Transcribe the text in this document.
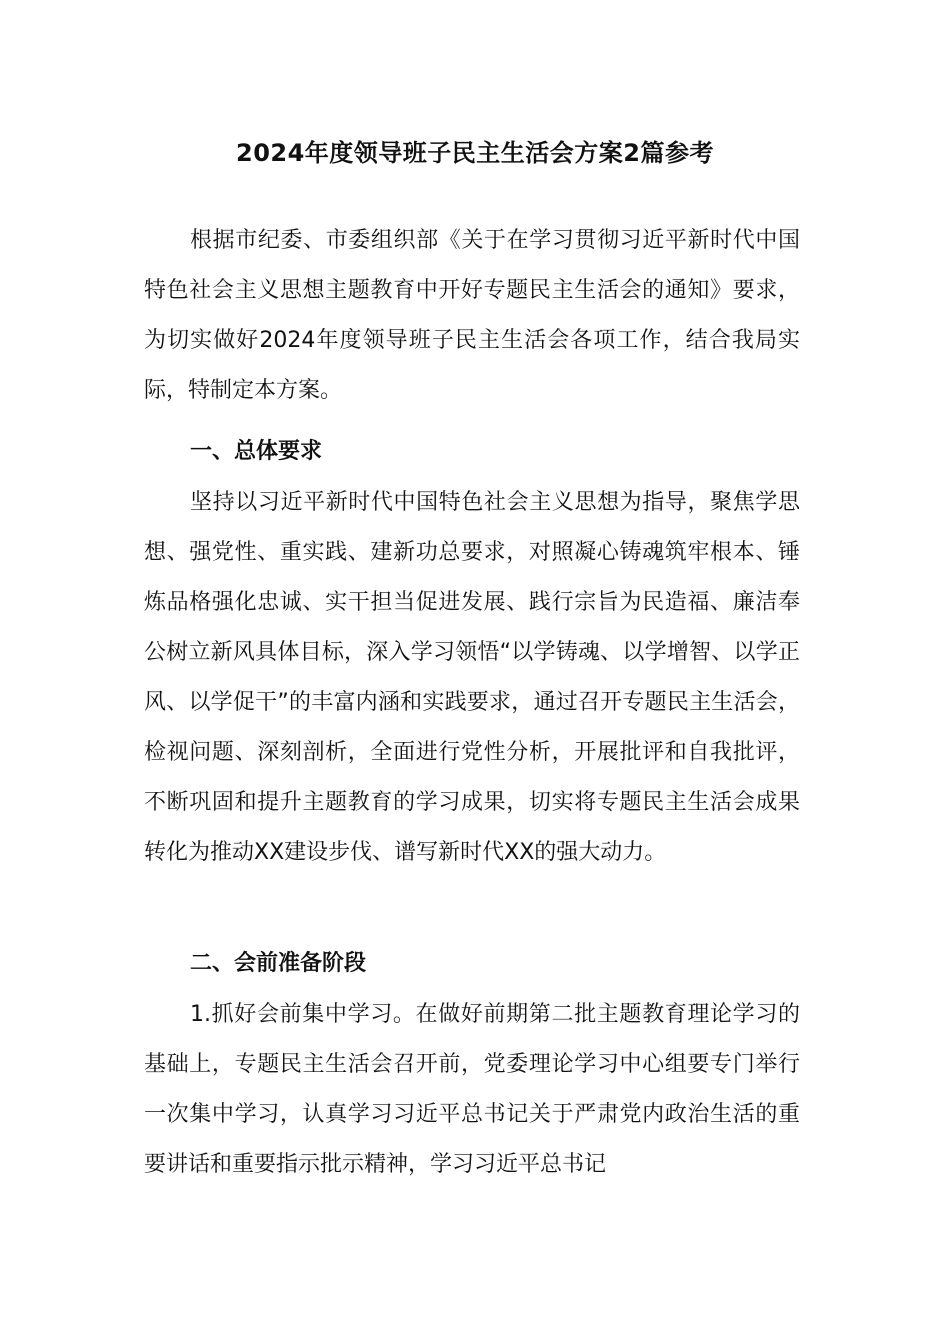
2024年度领导班子民主生活会方案2篇参考

根据市纪委、市委组织部《关于在学习贯彻习近平新时代中国特色社会主义思想主题教育中开好专题民主生活会的通知》要求，为切实做好2024年度领导班子民主生活会各项工作，结合我局实际，特制定本方案。

一、总体要求

坚持以习近平新时代中国特色社会主义思想为指导，聚焦学思想、强党性、重实践、建新功总要求，对照凝心铸魂筑牢根本、锤炼品格强化忠诚、实干担当促进发展、践行宗旨为民造福、廉洁奉公树立新风具体目标，深入学习领悟“以学铸魂、以学增智、以学正风、以学促干”的丰富内涵和实践要求，通过召开专题民主生活会，检视问题、深刻剖析，全面进行党性分析，开展批评和自我批评，不断巩固和提升主题教育的学习成果，切实将专题民主生活会成果转化为推动XX建设步伐、谱写新时代XX的强大动力。

二、会前准备阶段

1.抓好会前集中学习。在做好前期第二批主题教育理论学习的基础上，专题民主生活会召开前，党委理论学习中心组要专门举行一次集中学习，认真学习习近平总书记关于严肃党内政治生活的重要讲话和重要指示批示精神，学习习近平总书记
